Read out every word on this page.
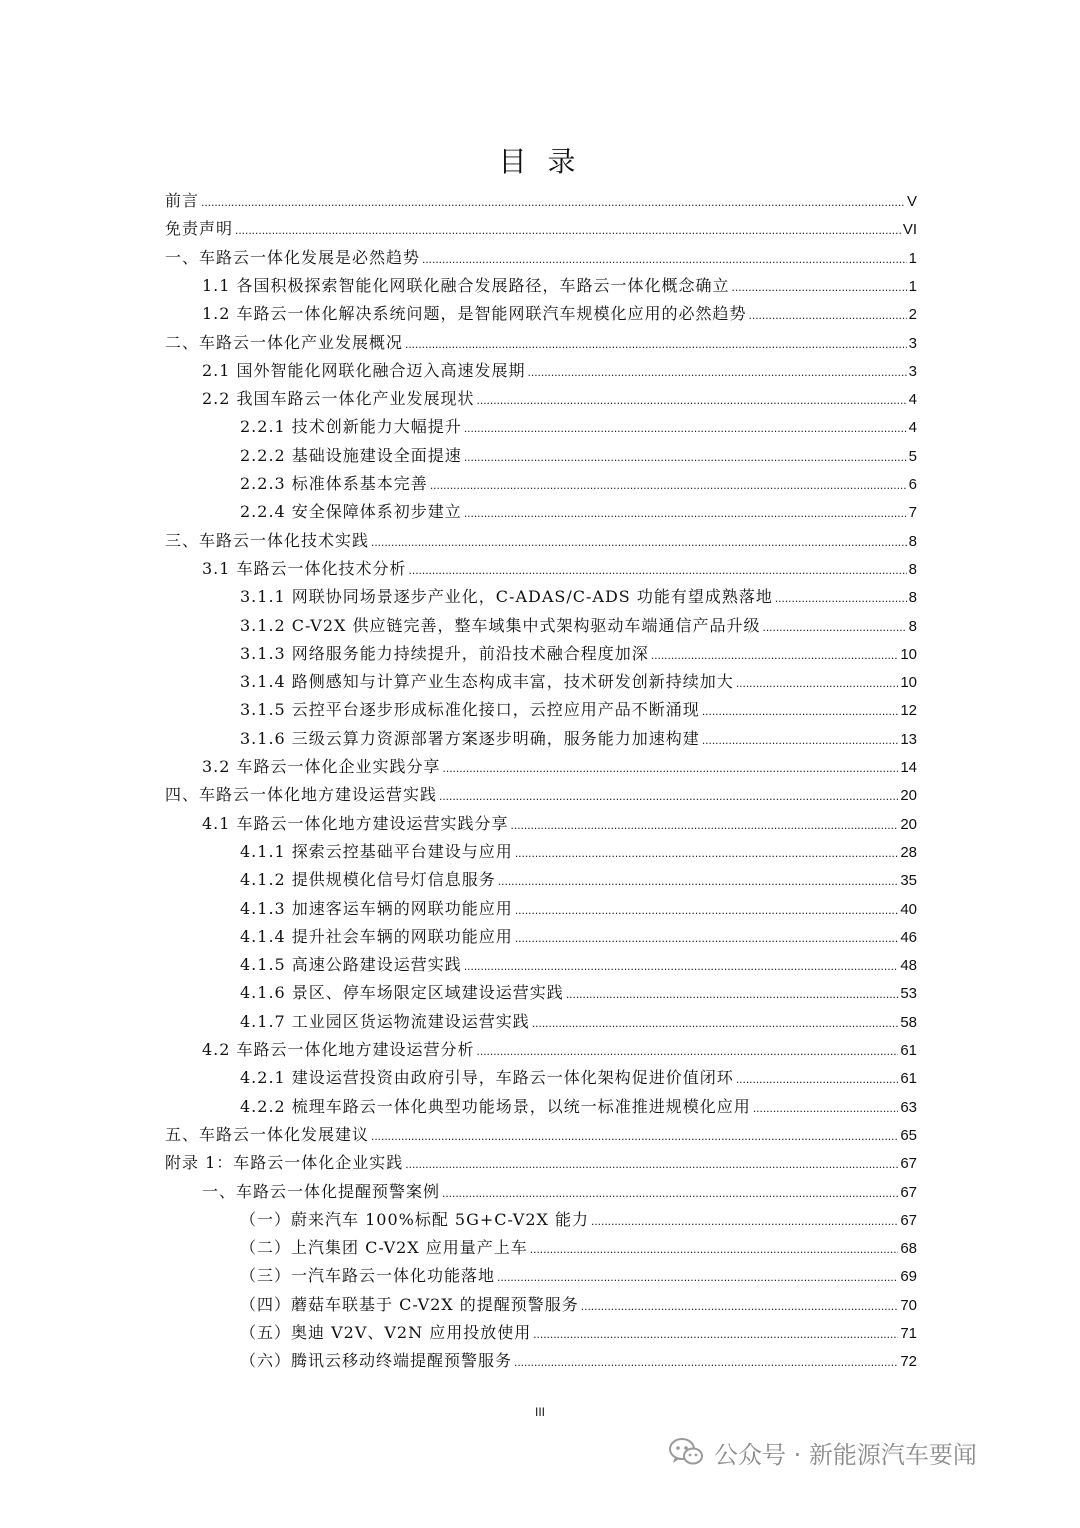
目 录
前言 .....	V
免责声明 .....	VI
一、车路云一体化发展是必然趋势 .....	1
1.1 各国积极探索智能化网联化融合发展路径，车路云一体化概念确立 .....	1
1.2 车路云一体化解决系统问题，是智能网联汽车规模化应用的必然趋势 .....	2
二、车路云一体化产业发展概况 .....	3
2.1 国外智能化网联化融合迈入高速发展期 .....	3
2.2 我国车路云一体化产业发展现状 .....	4
2.2.1 技术创新能力大幅提升 .....	4
2.2.2 基础设施建设全面提速 .....	5
2.2.3 标准体系基本完善 .....	6
2.2.4 安全保障体系初步建立 .....	7
三、车路云一体化技术实践 .....	8
3.1 车路云一体化技术分析 .....	8
3.1.1 网联协同场景逐步产业化，C-ADAS/C-ADS 功能有望成熟落地 .....	8
3.1.2 C-V2X 供应链完善，整车域集中式架构驱动车端通信产品升级 .....	8
3.1.3 网络服务能力持续提升，前沿技术融合程度加深 .....	10
3.1.4 路侧感知与计算产业生态构成丰富，技术研发创新持续加大 .....	10
3.1.5 云控平台逐步形成标准化接口，云控应用产品不断涌现 .....	12
3.1.6 三级云算力资源部署方案逐步明确，服务能力加速构建 .....	13
3.2 车路云一体化企业实践分享 .....	14
四、车路云一体化地方建设运营实践 .....	20
4.1 车路云一体化地方建设运营实践分享 .....	20
4.1.1 探索云控基础平台建设与应用 .....	28
4.1.2 提供规模化信号灯信息服务 .....	35
4.1.3 加速客运车辆的网联功能应用 .....	40
4.1.4 提升社会车辆的网联功能应用 .....	46
4.1.5 高速公路建设运营实践 .....	48
4.1.6 景区、停车场限定区域建设运营实践 .....	53
4.1.7 工业园区货运物流建设运营实践 .....	58
4.2 车路云一体化地方建设运营分析 .....	61
4.2.1 建设运营投资由政府引导，车路云一体化架构促进价值闭环 .....	61
4.2.2 梳理车路云一体化典型功能场景，以统一标准推进规模化应用 .....	63
五、车路云一体化发展建议 .....	65
附录 1：车路云一体化企业实践 .....	67
一、车路云一体化提醒预警案例 .....	67
（一）蔚来汽车 100%标配 5G+C-V2X 能力 .....	67
（二）上汽集团 C-V2X 应用量产上车 .....	68
（三）一汽车路云一体化功能落地 .....	69
（四）蘑菇车联基于 C-V2X 的提醒预警服务 .....	70
（五）奥迪 V2V、V2N 应用投放使用 .....	71
（六）腾讯云移动终端提醒预警服务 .....	72
III
公众号 · 新能源汽车要闻
